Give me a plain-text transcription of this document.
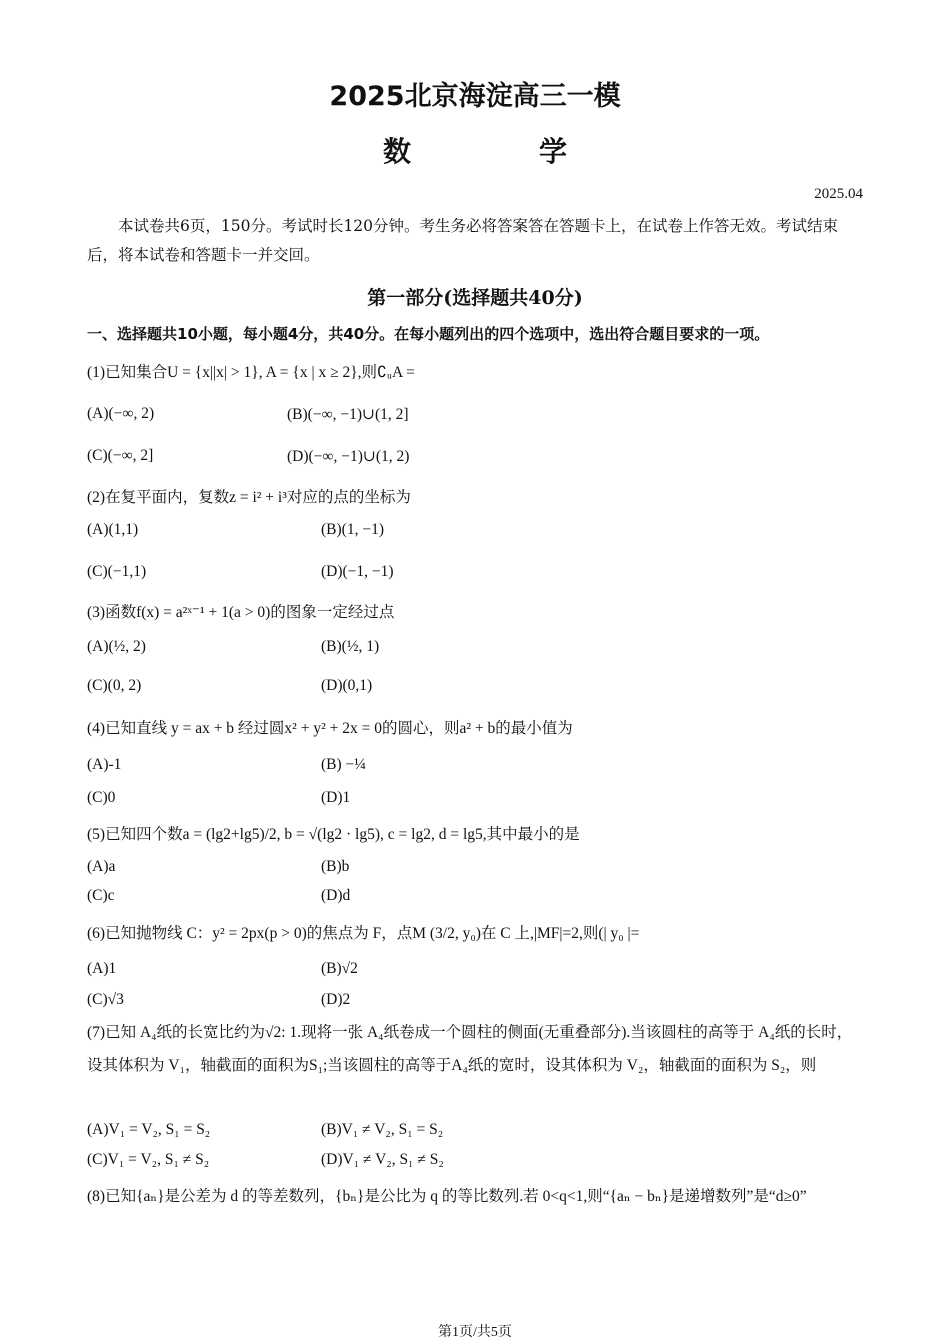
2025北京海淀高三一模
数　学
2025.04
本试卷共6页，150分。考试时长120分钟。考生务必将答案答在答题卡上，在试卷上作答无效。考试结束后，将本试卷和答题卡一并交回。
第一部分(选择题共40分)
一、选择题共10小题，每小题4分，共40分。在每小题列出的四个选项中，选出符合题目要求的一项。
(1)已知集合U = {x||x| > 1}, A = {x | x ≥ 2},则∁ᵤA =
(A)(−∞, 2)	(B)(−∞, −1)∪(1, 2]
(C)(−∞, 2]	(D)(−∞, −1)∪(1, 2)
(2)在复平面内，复数z = i² + i³对应的点的坐标为
(A)(1,1)	(B)(1, −1)
(C)(−1,1)	(D)(−1, −1)
(3)函数f(x) = a²ˣ⁻¹ + 1(a > 0)的图象一定经过点
(A)(½, 2)	(B)(½, 1)
(C)(0, 2)	(D)(0,1)
(4)已知直线 y = ax + b 经过圆x² + y² + 2x = 0的圆心，则a² + b的最小值为
(A)-1	(B) −¼
(C)0	(D)1
(5)已知四个数a = (lg2+lg5)/2, b = √(lg2 · lg5), c = lg2, d = lg5,其中最小的是
(A)a	(B)b
(C)c	(D)d
(6)已知抛物线 C：y² = 2px(p > 0)的焦点为 F，点M (3/2, y₀)在 C 上,|MF|=2,则(| y₀ |=
(A)1	(B)√2
(C)√3	(D)2
(7)已知 A₄纸的长宽比约为√2: 1.现将一张 A₄纸卷成一个圆柱的侧面(无重叠部分).当该圆柱的高等于 A₄纸的长时，设其体积为 V₁，轴截面的面积为S₁;当该圆柱的高等于A₄纸的宽时，设其体积为 V₂，轴截面的面积为 S₂，则
(A)V₁ = V₂, S₁ = S₂	(B)V₁ ≠ V₂, S₁ = S₂
(C)V₁ = V₂, S₁ ≠ S₂	(D)V₁ ≠ V₂, S₁ ≠ S₂
(8)已知{aₙ}是公差为 d 的等差数列，{bₙ}是公比为 q 的等比数列.若 0<q<1,则“{aₙ − bₙ}是递增数列”是“d≥0”
第1页/共5页
